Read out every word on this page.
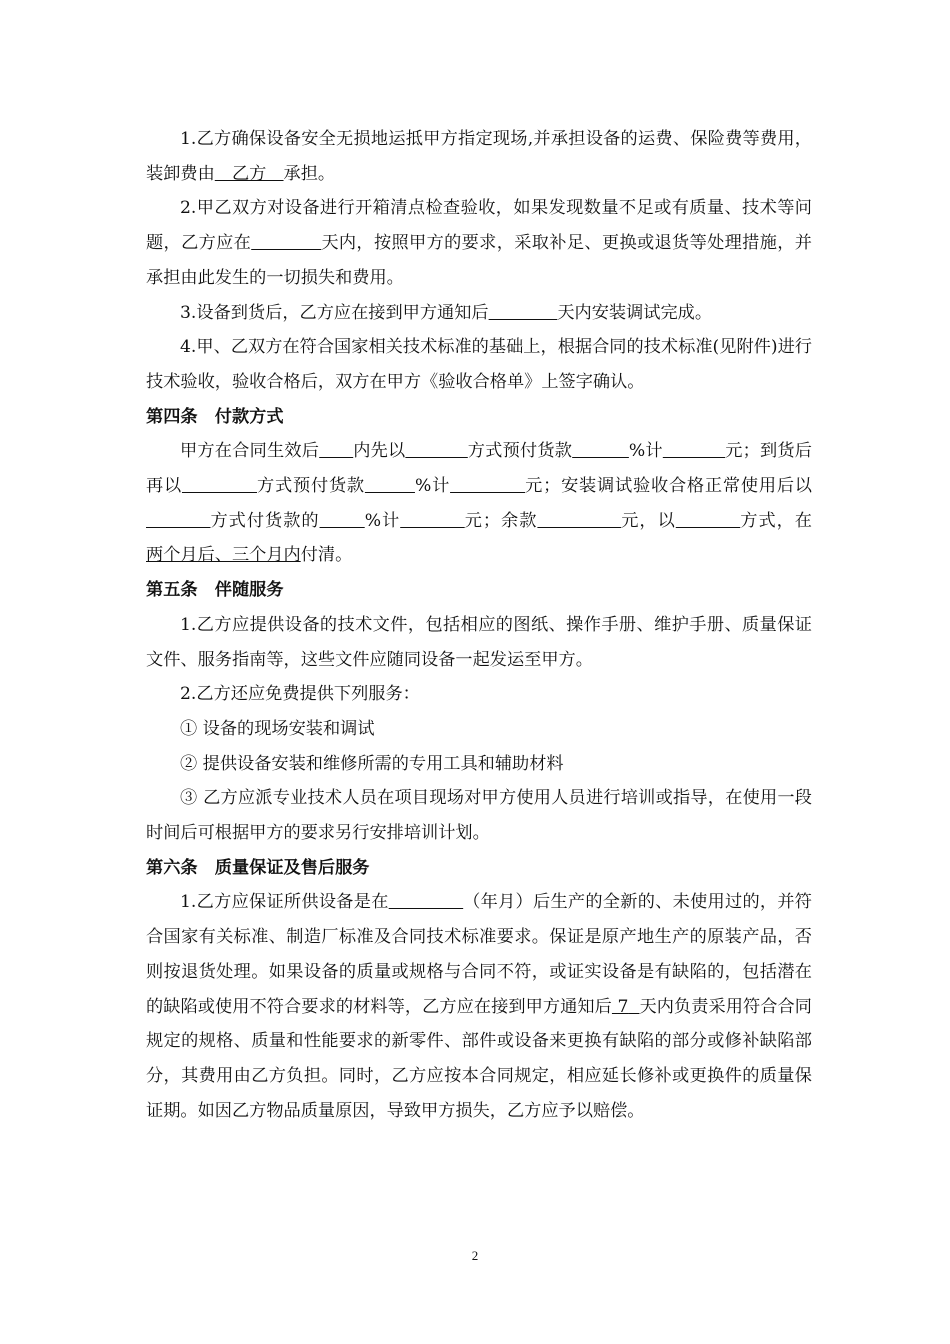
1.乙方确保设备安全无损地运抵甲方指定现场,并承担设备的运费、保险费等费用，装卸费由　乙方　承担。

2.甲乙双方对设备进行开箱清点检查验收，如果发现数量不足或有质量、技术等问题，乙方应在　　　　	天内，按照甲方的要求，采取补足、更换或退货等处理措施，并承担由此发生的一切损失和费用。

3.设备到货后，乙方应在接到甲方通知后　　　　	天内安装调试完成。

4.甲、乙双方在符合国家相关技术标准的基础上，根据合同的技术标准(见附件)进行技术验收，验收合格后，双方在甲方《验收合格单》上签字确认。

第四条　付款方式

甲方在合同生效后 内先以	方式预付货款	%计	元；到货后再以	方式预付货款	%计	元；安装调试验收合格正常使用后以          方式付货款的	%计	元；余款	元，以	方式，在两个月后、三个月内付清。

第五条　伴随服务

1.乙方应提供设备的技术文件，包括相应的图纸、操作手册、维护手册、质量保证文件、服务指南等，这些文件应随同设备一起发运至甲方。

2.乙方还应免费提供下列服务：

① 设备的现场安装和调试

② 提供设备安装和维修所需的专用工具和辅助材料

③ 乙方应派专业技术人员在项目现场对甲方使用人员进行培训或指导，在使用一段时间后可根据甲方的要求另行安排培训计划。

第六条　质量保证及售后服务

1.乙方应保证所供设备是在	（年月）后生产的全新的、未使用过的，并符合国家有关标准、制造厂标准及合同技术标准要求。保证是原产地生产的原装产品，否则按退货处理。如果设备的质量或规格与合同不符，或证实设备是有缺陷的，包括潜在的缺陷或使用不符合要求的材料等，乙方应在接到甲方通知后 7 天内负责采用符合合同规定的规格、质量和性能要求的新零件、部件或设备来更换有缺陷的部分或修补缺陷部分，其费用由乙方负担。同时，乙方应按本合同规定，相应延长修补或更换件的质量保证期。如因乙方物品质量原因，导致甲方损失，乙方应予以赔偿。

2
